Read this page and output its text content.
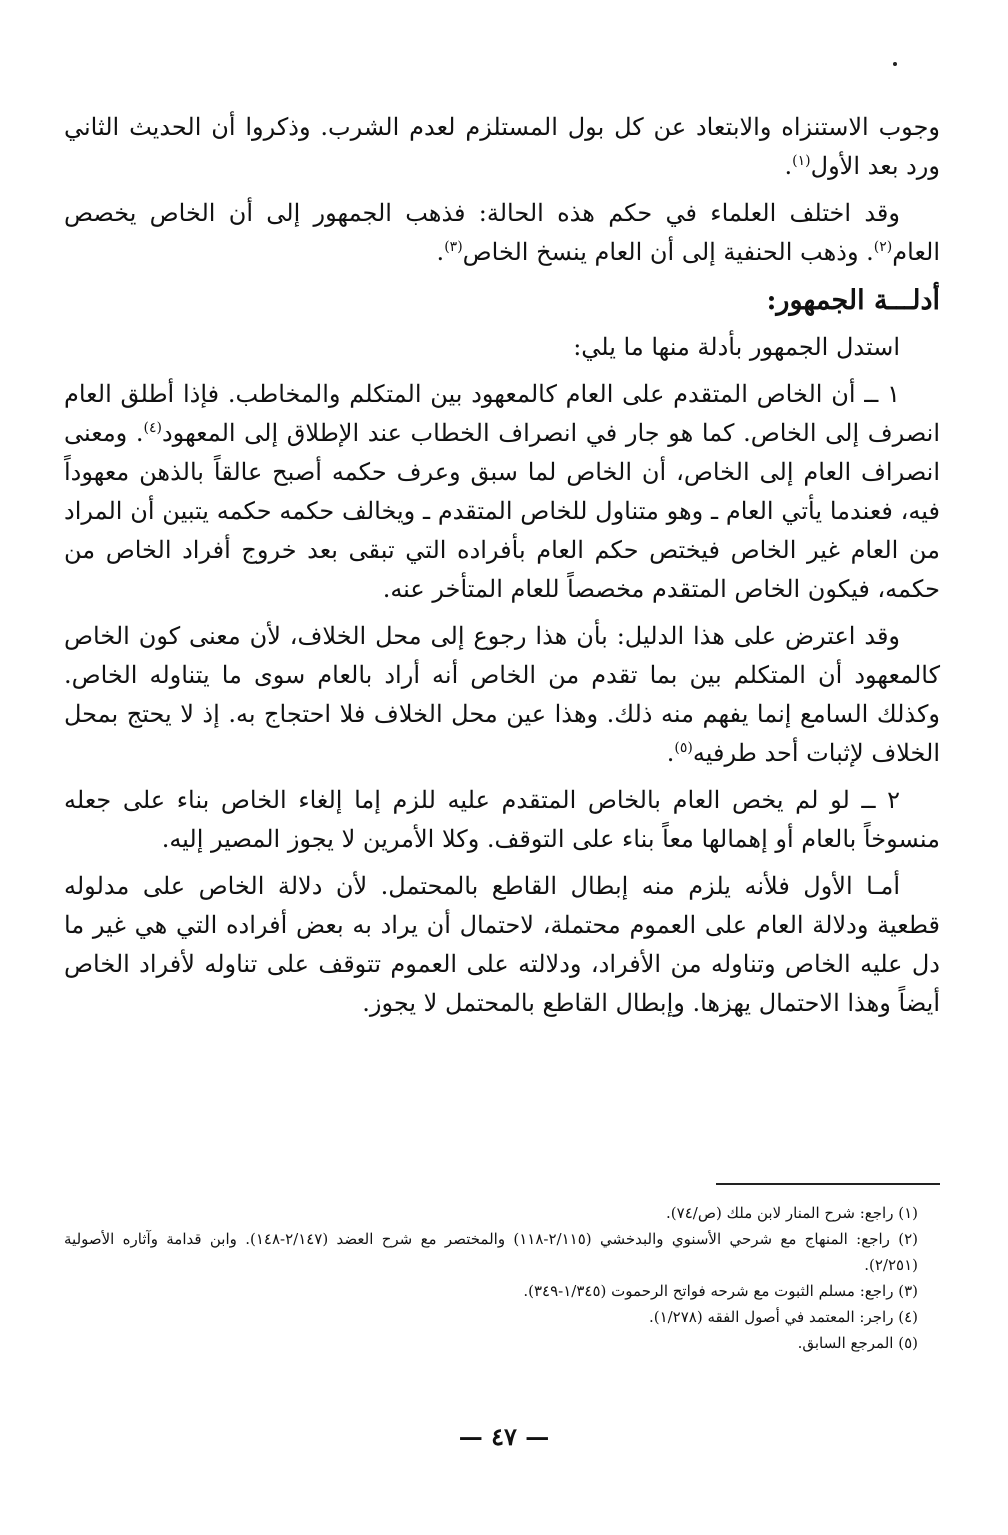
وجوب الاستنزاه والابتعاد عن كل بول المستلزم لعدم الشرب. وذكروا أن الحديث الثاني ورد بعد الأول$^{(١)}$.

وقد اختلف العلماء في حكم هذه الحالة: فذهب الجمهور إلى أن الخاص يخصص العام$^{(٢)}$. وذهب الحنفية إلى أن العام ينسخ الخاص$^{(٣)}$.

أدلـــة الجمهور:

استدل الجمهور بأدلة منها ما يلي:

١ ــ أن الخاص المتقدم على العام كالمعهود بين المتكلم والمخاطب. فإذا أطلق العام انصرف إلى الخاص. كما هو جار في انصراف الخطاب عند الإطلاق إلى المعهود$^{(٤)}$. ومعنى انصراف العام إلى الخاص، أن الخاص لما سبق وعرف حكمه أصبح عالقاً بالذهن معهوداً فيه، فعندما يأتي العام ـ وهو متناول للخاص المتقدم ـ ويخالف حكمه حكمه يتبين أن المراد من العام غير الخاص فيختص حكم العام بأفراده التي تبقى بعد خروج أفراد الخاص من حكمه، فيكون الخاص المتقدم مخصصاً للعام المتأخر عنه.

وقد اعترض على هذا الدليل: بأن هذا رجوع إلى محل الخلاف، لأن معنى كون الخاص كالمعهود أن المتكلم بين بما تقدم من الخاص أنه أراد بالعام سوى ما يتناوله الخاص. وكذلك السامع إنما يفهم منه ذلك. وهذا عين محل الخلاف فلا احتجاج به. إذ لا يحتج بمحل الخلاف لإثبات أحد طرفيه$^{(٥)}$.

٢ ــ لو لم يخص العام بالخاص المتقدم عليه للزم إما إلغاء الخاص بناء على جعله منسوخاً بالعام أو إهمالها معاً بناء على التوقف. وكلا الأمرين لا يجوز المصير إليه.

أمـا الأول فلأنه يلزم منه إبطال القاطع بالمحتمل. لأن دلالة الخاص على مدلوله قطعية ودلالة العام على العموم محتملة، لاحتمال أن يراد به بعض أفراده التي هي غير ما دل عليه الخاص وتناوله من الأفراد، ودلالته على العموم تتوقف على تناوله لأفراد الخاص أيضاً وهذا الاحتمال يهزها. وإبطال القاطع بالمحتمل لا يجوز.

(١) راجع: شرح المنار لابن ملك (ص/٧٤).

(٢) راجع: المنهاج مع شرحي الأسنوي والبدخشي (٢/١١٥-١١٨) والمختصر مع شرح العضد (٢/١٤٧-١٤٨). وابن قدامة وآثاره الأصولية (٢/٢٥١).

(٣) راجع: مسلم الثبوت مع شرحه فواتح الرحموت (١/٣٤٥-٣٤٩).

(٤) راجر: المعتمد في أصول الفقه (١/٢٧٨).

(٥) المرجع السابق.

— ٤٧ —
